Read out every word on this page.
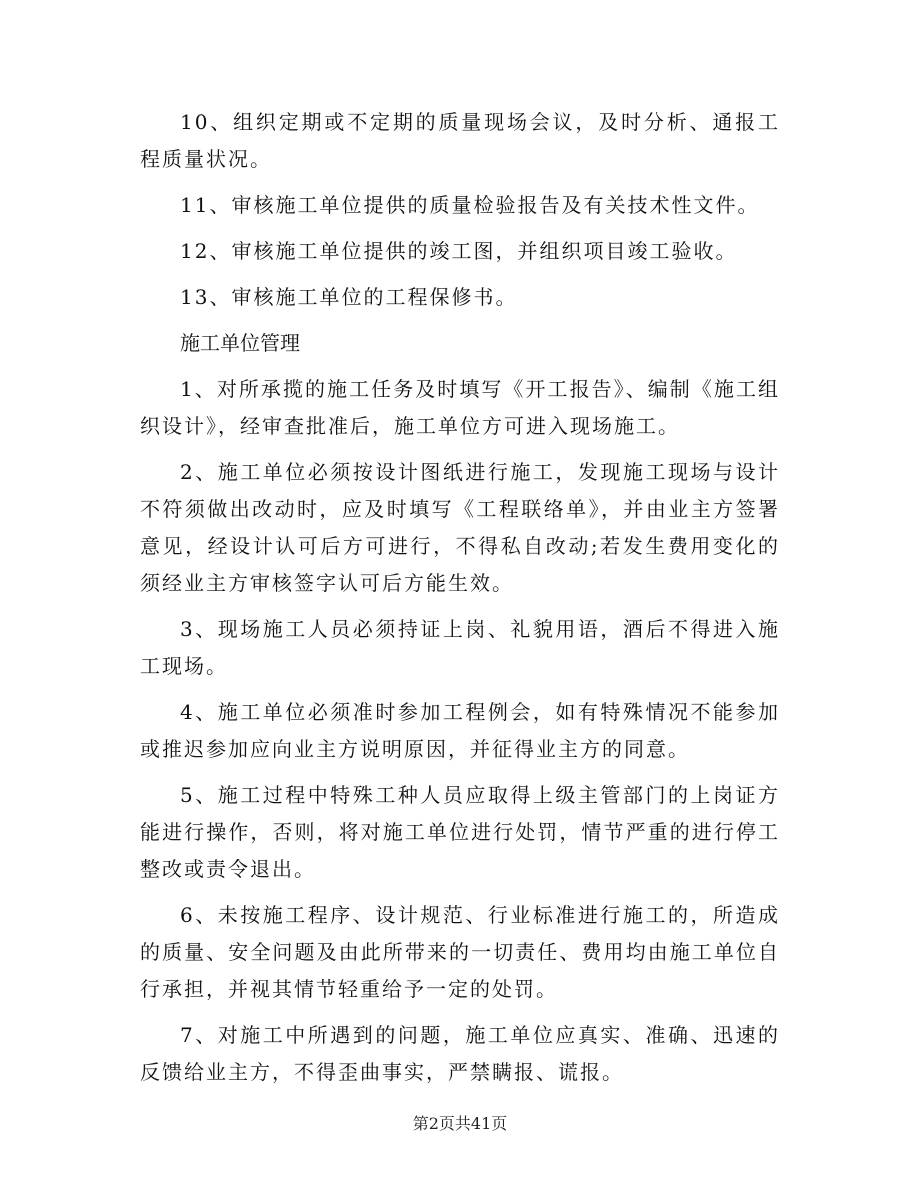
10、组织定期或不定期的质量现场会议，及时分析、通报工程质量状况。

11、审核施工单位提供的质量检验报告及有关技术性文件。

12、审核施工单位提供的竣工图，并组织项目竣工验收。

13、审核施工单位的工程保修书。

施工单位管理

1、对所承揽的施工任务及时填写《开工报告》、编制《施工组织设计》，经审查批准后，施工单位方可进入现场施工。

2、施工单位必须按设计图纸进行施工，发现施工现场与设计不符须做出改动时，应及时填写《工程联络单》，并由业主方签署意见，经设计认可后方可进行，不得私自改动;若发生费用变化的须经业主方审核签字认可后方能生效。

3、现场施工人员必须持证上岗、礼貌用语，酒后不得进入施工现场。

4、施工单位必须准时参加工程例会，如有特殊情况不能参加或推迟参加应向业主方说明原因，并征得业主方的同意。

5、施工过程中特殊工种人员应取得上级主管部门的上岗证方能进行操作，否则，将对施工单位进行处罚，情节严重的进行停工整改或责令退出。

6、未按施工程序、设计规范、行业标准进行施工的，所造成的质量、安全问题及由此所带来的一切责任、费用均由施工单位自行承担，并视其情节轻重给予一定的处罚。

7、对施工中所遇到的问题，施工单位应真实、准确、迅速的反馈给业主方，不得歪曲事实，严禁瞒报、谎报。

第2页共41页
